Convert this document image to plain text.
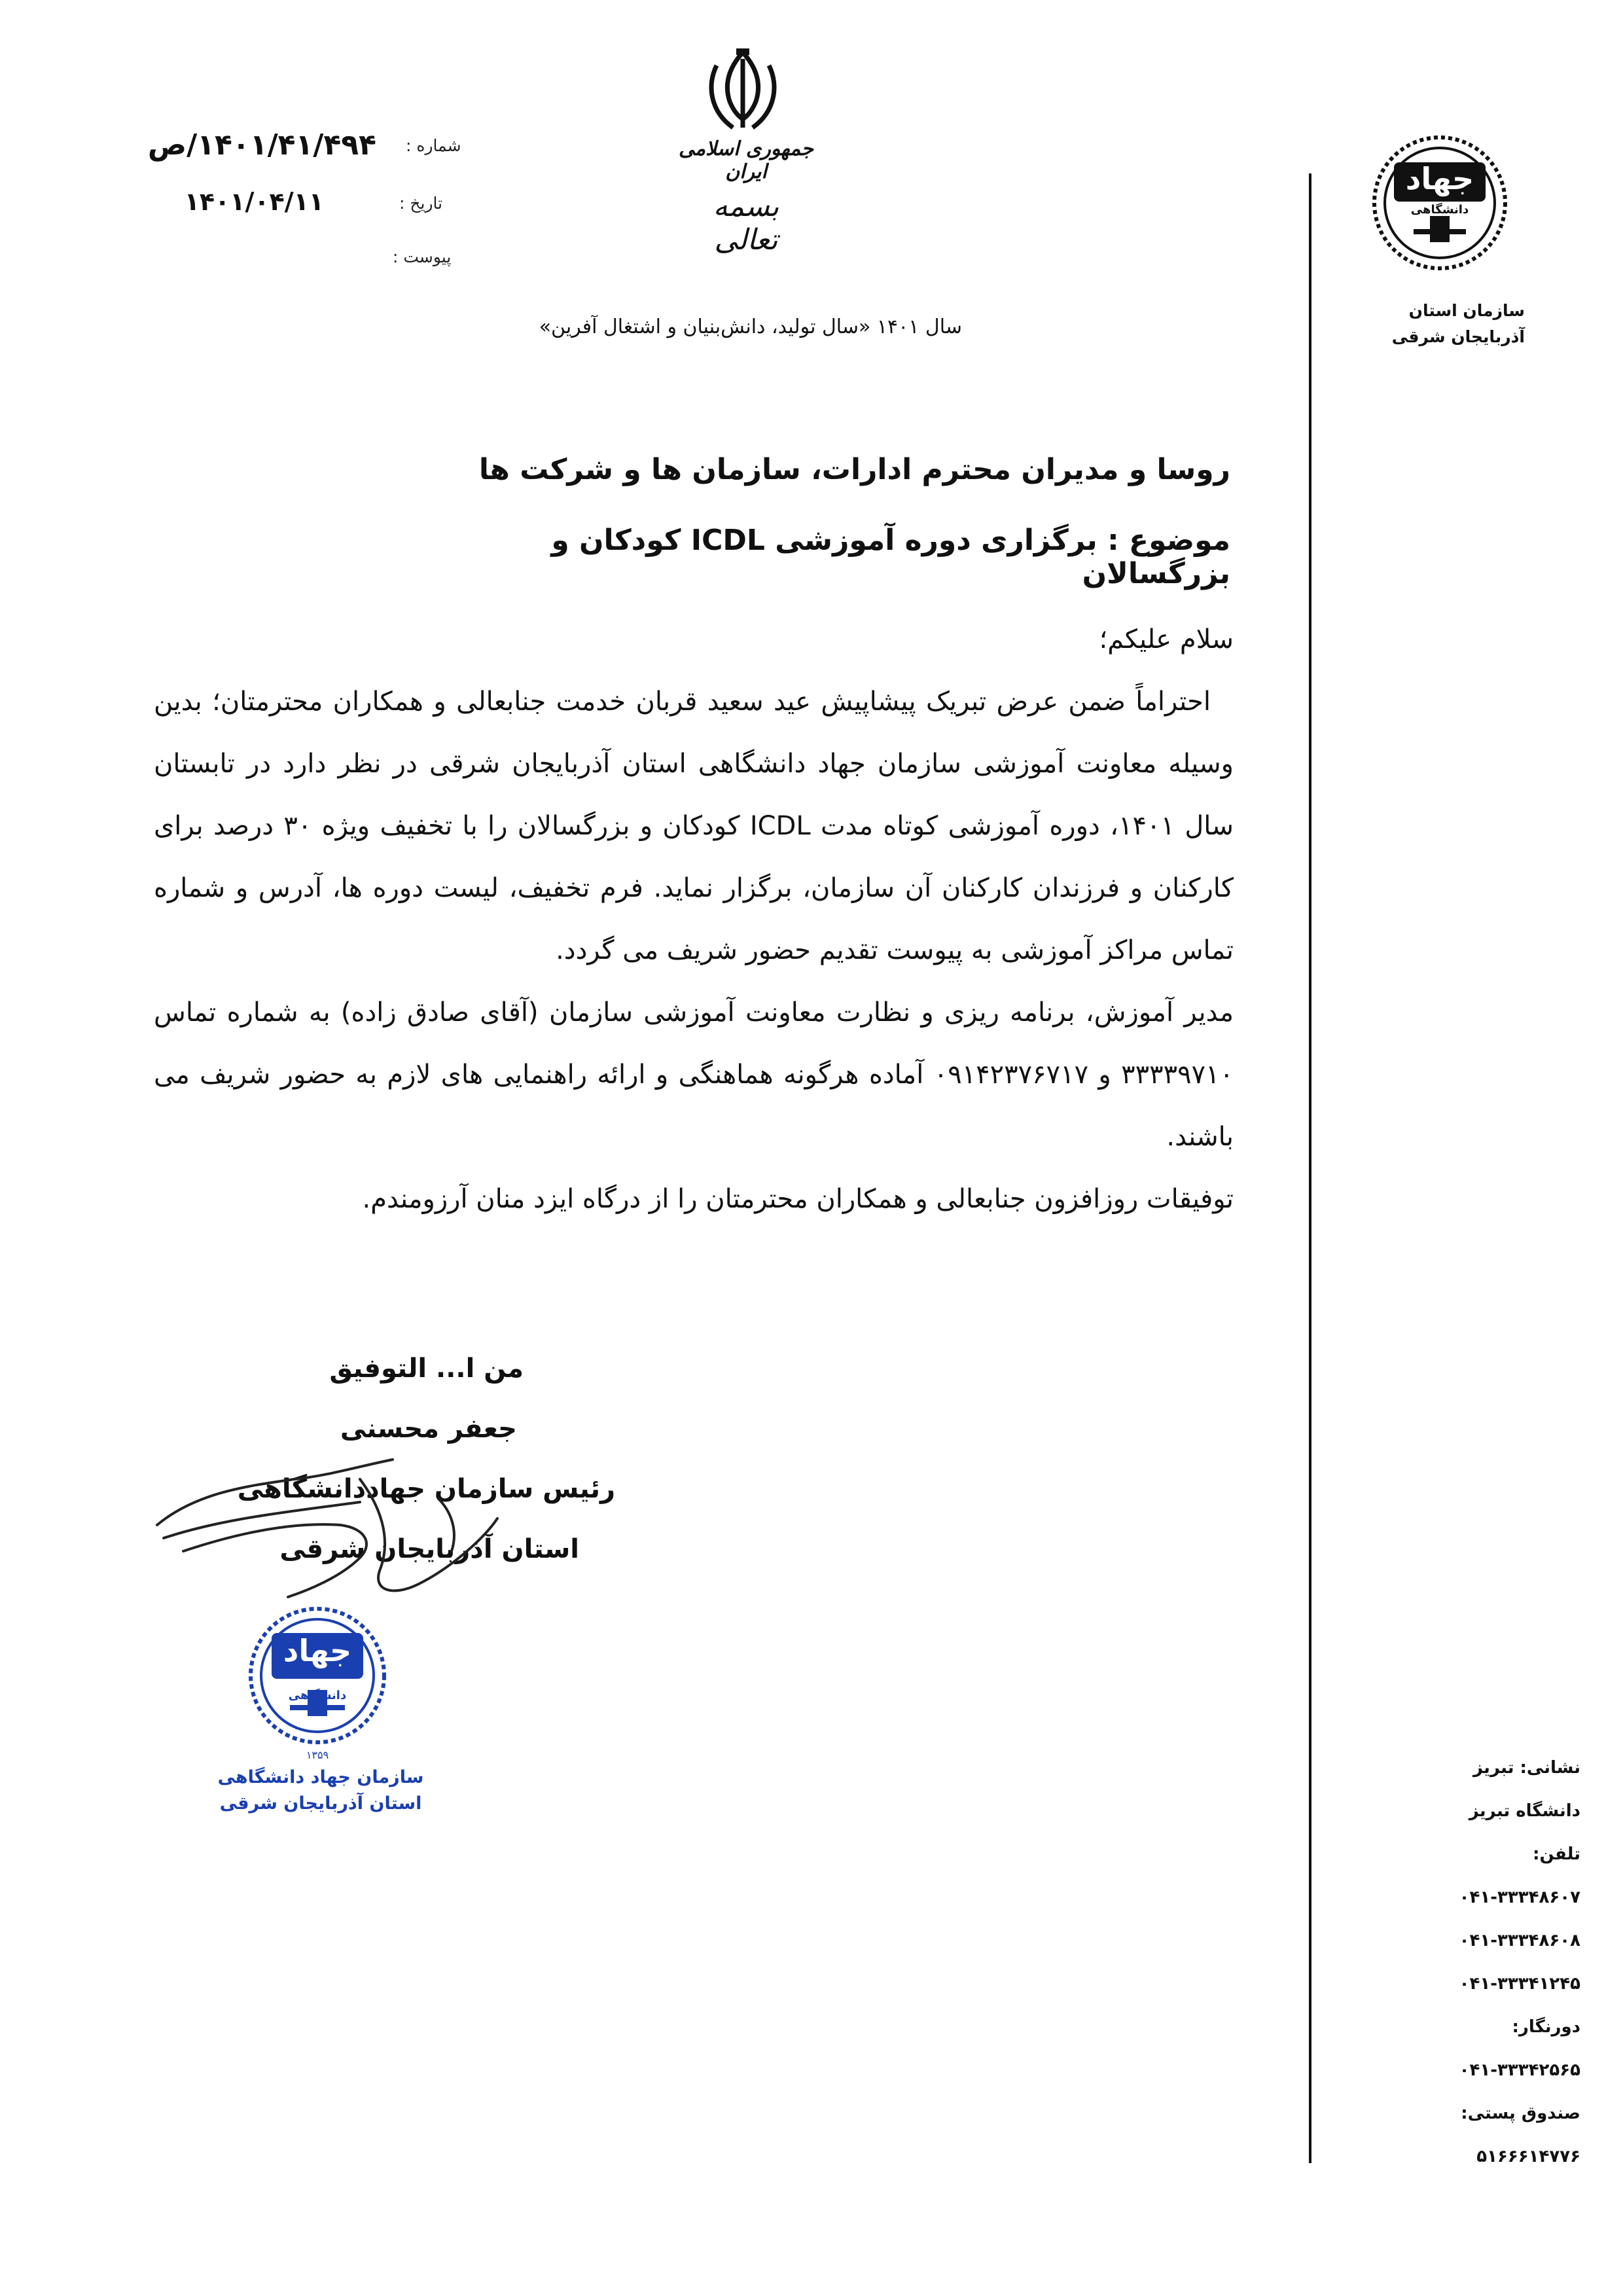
شماره :
۱۴۰۱/۴۱/۴۹۴/ص
تاریخ :
۱۴۰۱/۰۴/۱۱
پیوست :
جمهوری اسلامی ایران
بسمه تعالی
سال ۱۴۰۱ «سال تولید، دانش‌بنیان و اشتغال آفرین»
جهاد
دانشگاهی
سازمان استان
آذربایجان شرقی
روسا و مدیران محترم ادارات، سازمان ها و شرکت ها
موضوع : برگزاری دوره آموزشی ICDL کودکان و بزرگسالان

سلام علیکم؛

احتراماً ضمن عرض تبریک پیشاپیش عید سعید قربان خدمت جنابعالی و همکاران محترمتان؛ بدین وسیله معاونت آموزشی سازمان جهاد دانشگاهی استان آذربایجان شرقی در نظر دارد در تابستان سال ۱۴۰۱، دوره آموزشی کوتاه مدت ICDL کودکان و بزرگسالان را با تخفیف ویژه ۳۰ درصد برای کارکنان و فرزندان کارکنان آن سازمان، برگزار نماید. فرم تخفیف، لیست دوره ها، آدرس و شماره تماس مراکز آموزشی به پیوست تقدیم حضور شریف می گردد.

مدیر آموزش، برنامه ریزی و نظارت معاونت آموزشی سازمان (آقای صادق زاده) به شماره تماس ۳۳۳۳۹۷۱۰ و ۰۹۱۴۲۳۷۶۷۱۷ آماده هرگونه هماهنگی و ارائه راهنمایی های لازم به حضور شریف می باشند.

توفیقات روزافزون جنابعالی و همکاران محترمتان را از درگاه ایزد منان آرزومندم.

من ا... التوفیق
جعفر محسنی
رئیس سازمان جهاددانشگاهی
استان آذربایجان شرقی
جهاد
دانشگاهی
۱۳۵۹
سازمان جهاد دانشگاهی
استان آذربایجان شرقی
نشانی: تبریز
دانشگاه تبریز
تلفن:
۰۴۱-۳۳۳۴۸۶۰۷
۰۴۱-۳۳۳۴۸۶۰۸
۰۴۱-۳۳۳۴۱۲۴۵
دورنگار:
۰۴۱-۳۳۳۴۲۵۶۵
صندوق پستی:
۵۱۶۶۶۱۴۷۷۶
